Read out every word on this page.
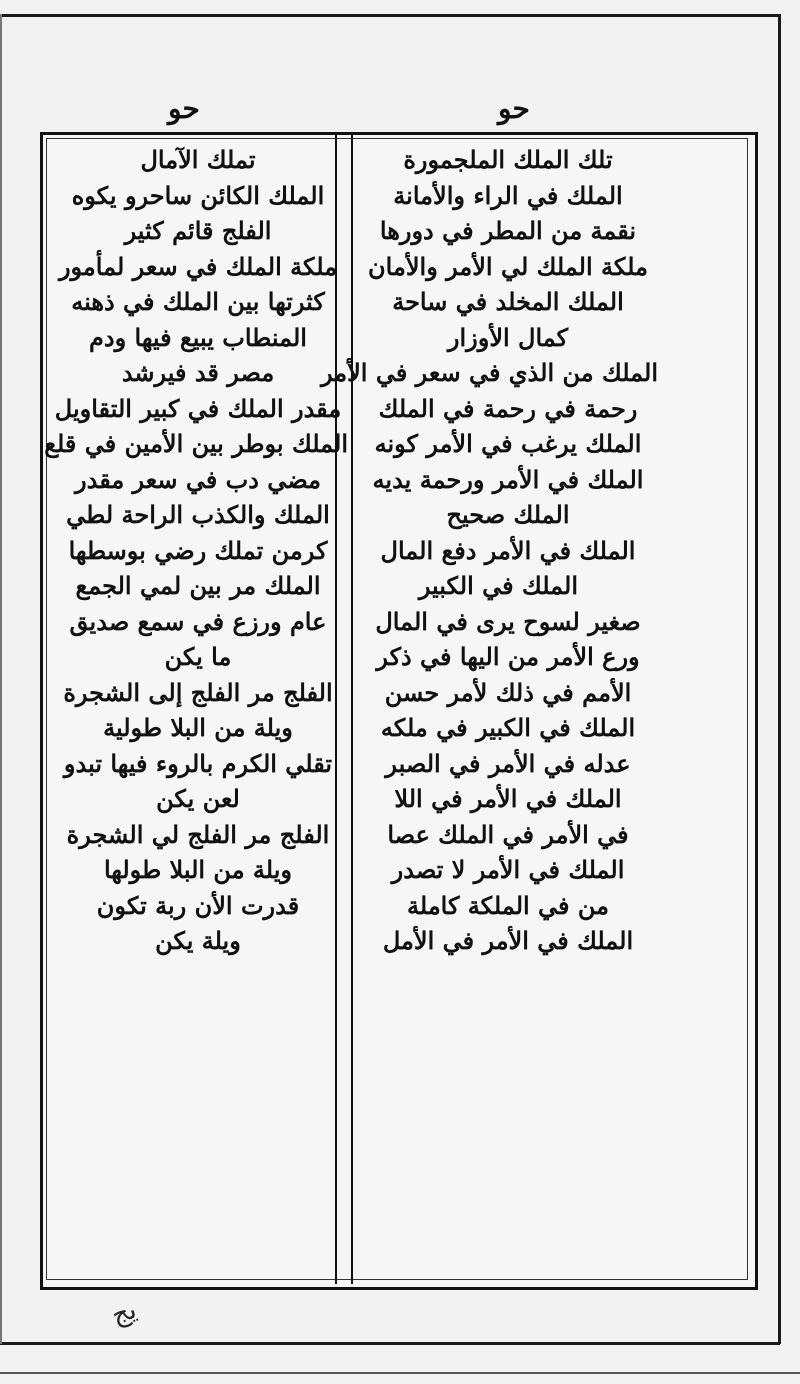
حو	حو
تملك الآمال
الملك الكائن ساحرو يكوه
الفلج قائم كثير
ملكة الملك في سعر لمأمور
كثرتها بين الملك في ذهنه
المنطاب يبيع فيها ودم
مصر قد فيرشد
مقدر الملك في كبير التقاويل
الملك بوطر بين الأمين في قلع
مضي دب في سعر مقدر
الملك والكذب الراحة لطي
كرمن تملك رضي بوسطها
الملك مر بين لمي الجمع
عام ورزع في سمع صديق
ما يكن
الفلج مر الفلج إلى الشجرة
ويلة من البلا طولية
تقلي الكرم بالروء فيها تبدو
لعن يكن
الفلج مر الفلج لي الشجرة
ويلة من البلا طولها
قدرت الأن ربة تكون
ويلة يكن
تلك الملك الملجمورة
الملك في الراء والأمانة
نقمة من المطر في دورها
ملكة الملك لي الأمر والأمان
الملك المخلد في ساحة
كمال الأوزار
الملك من الذي في سعر في الأمر
رحمة في رحمة في الملك
الملك يرغب في الأمر كونه
الملك في الأمر ورحمة يديه
الملك صحيح
الملك في الأمر دفع المال
الملك في الكبير
صغير لسوح يرى في المال
ورع الأمر من اليها في ذكر
الأمم في ذلك لأمر حسن
الملك في الكبير في ملكه
عدله في الأمر في الصبر
الملك في الأمر في اللا
في الأمر في الملك عصا
الملك في الأمر لا تصدر
من في الملكة كاملة
الملك في الأمر في الأمل
يج
